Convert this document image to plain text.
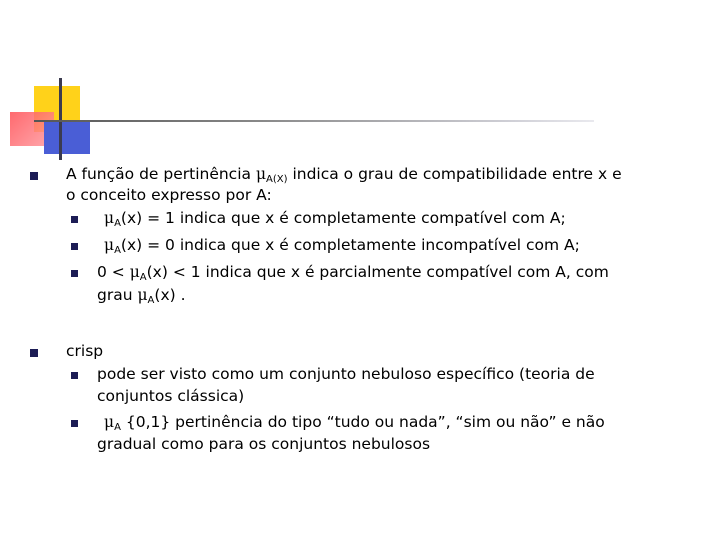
A função de pertinência $\mu_{A(X)}$ indica o grau de compatibilidade entre x e
o conceito expresso por A:
$\mu_A(x) = 1$ indica que x é completamente compatível com A;
$\mu_A(x) = 0$ indica que x é completamente incompatível com A;
$0 < \mu_A(x) < 1$ indica que x é parcialmente compatível com A, com
grau $\mu_A(x)$ .
crisp
pode ser visto como um conjunto nebuloso específico (teoria de
conjuntos clássica)
$\mu_A$ {0,1} pertinência do tipo “tudo ou nada”, “sim ou não” e não
gradual como para os conjuntos nebulosos
